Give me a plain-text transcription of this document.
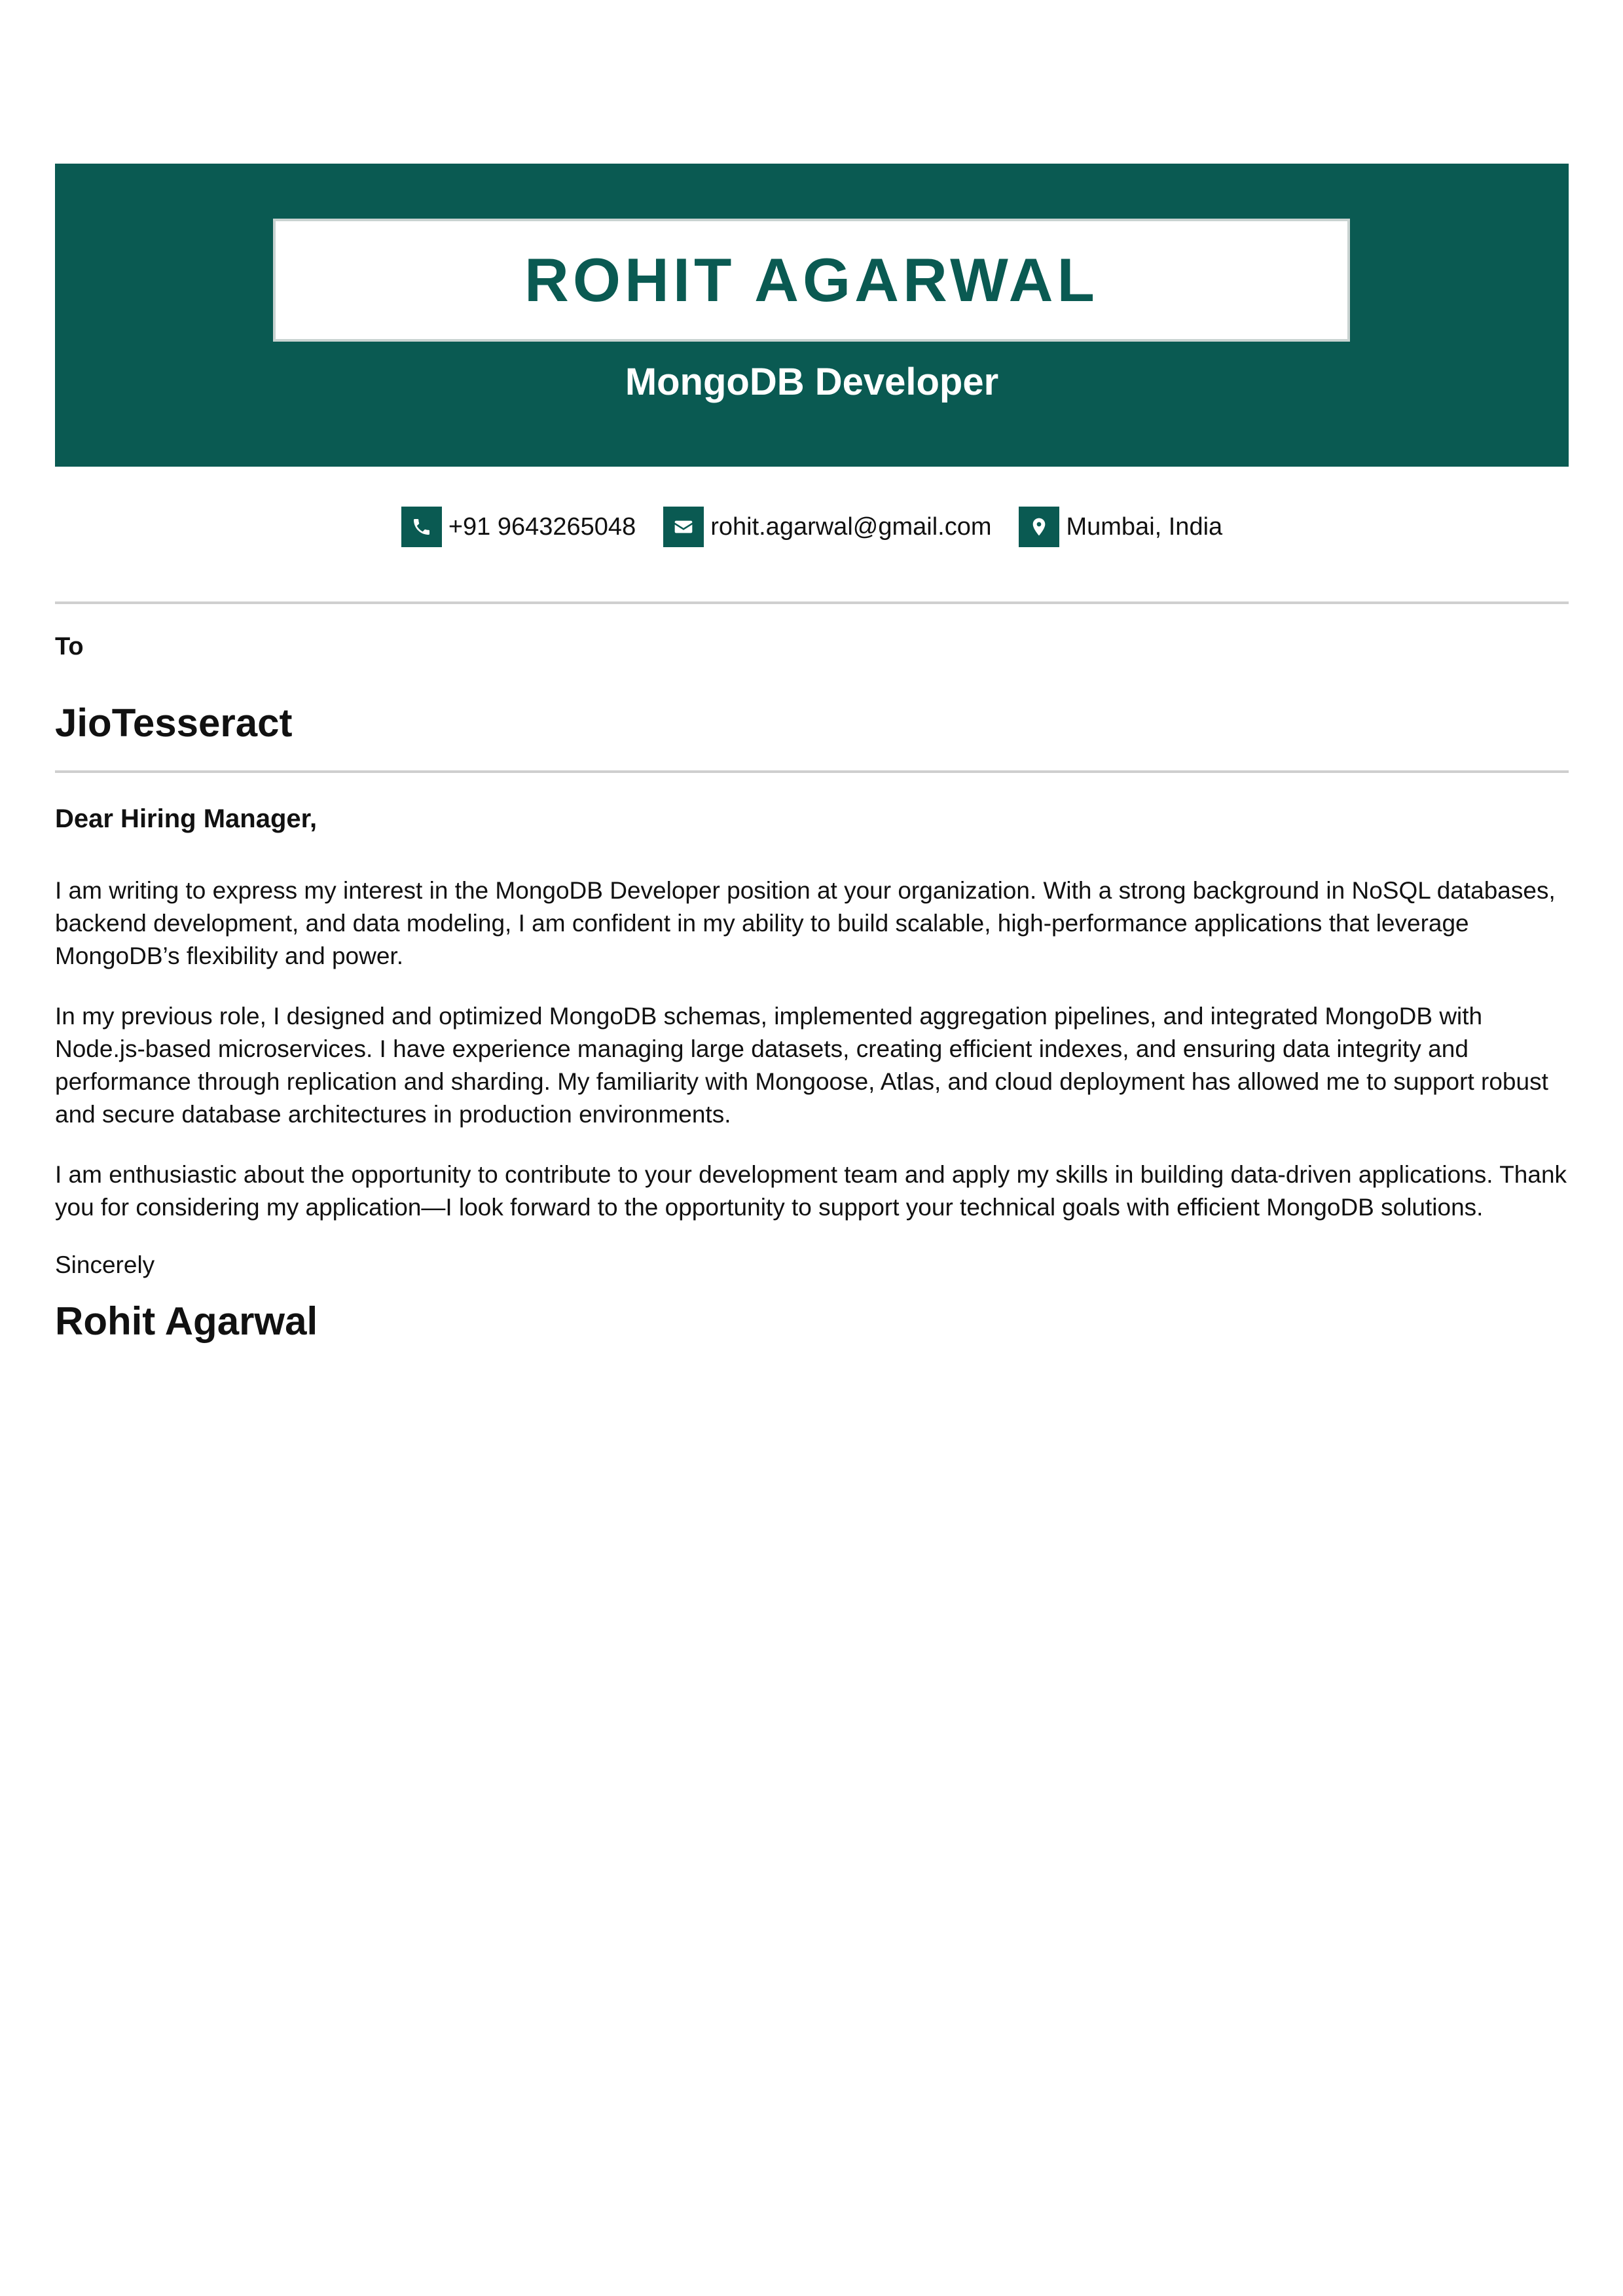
ROHIT AGARWAL
MongoDB Developer
+91 9643265048	rohit.agarwal@gmail.com	Mumbai, India
To
JioTesseract
Dear Hiring Manager,

I am writing to express my interest in the MongoDB Developer position at your organization. With a strong background in NoSQL databases, backend development, and data modeling, I am confident in my ability to build scalable, high-performance applications that leverage MongoDB’s flexibility and power.

In my previous role, I designed and optimized MongoDB schemas, implemented aggregation pipelines, and integrated MongoDB with Node.js-based microservices. I have experience managing large datasets, creating efficient indexes, and ensuring data integrity and performance through replication and sharding. My familiarity with Mongoose, Atlas, and cloud deployment has allowed me to support robust and secure database architectures in production environments.

I am enthusiastic about the opportunity to contribute to your development team and apply my skills in building data-driven applications. Thank you for considering my application—I look forward to the opportunity to support your technical goals with efficient MongoDB solutions.

Sincerely
Rohit Agarwal
